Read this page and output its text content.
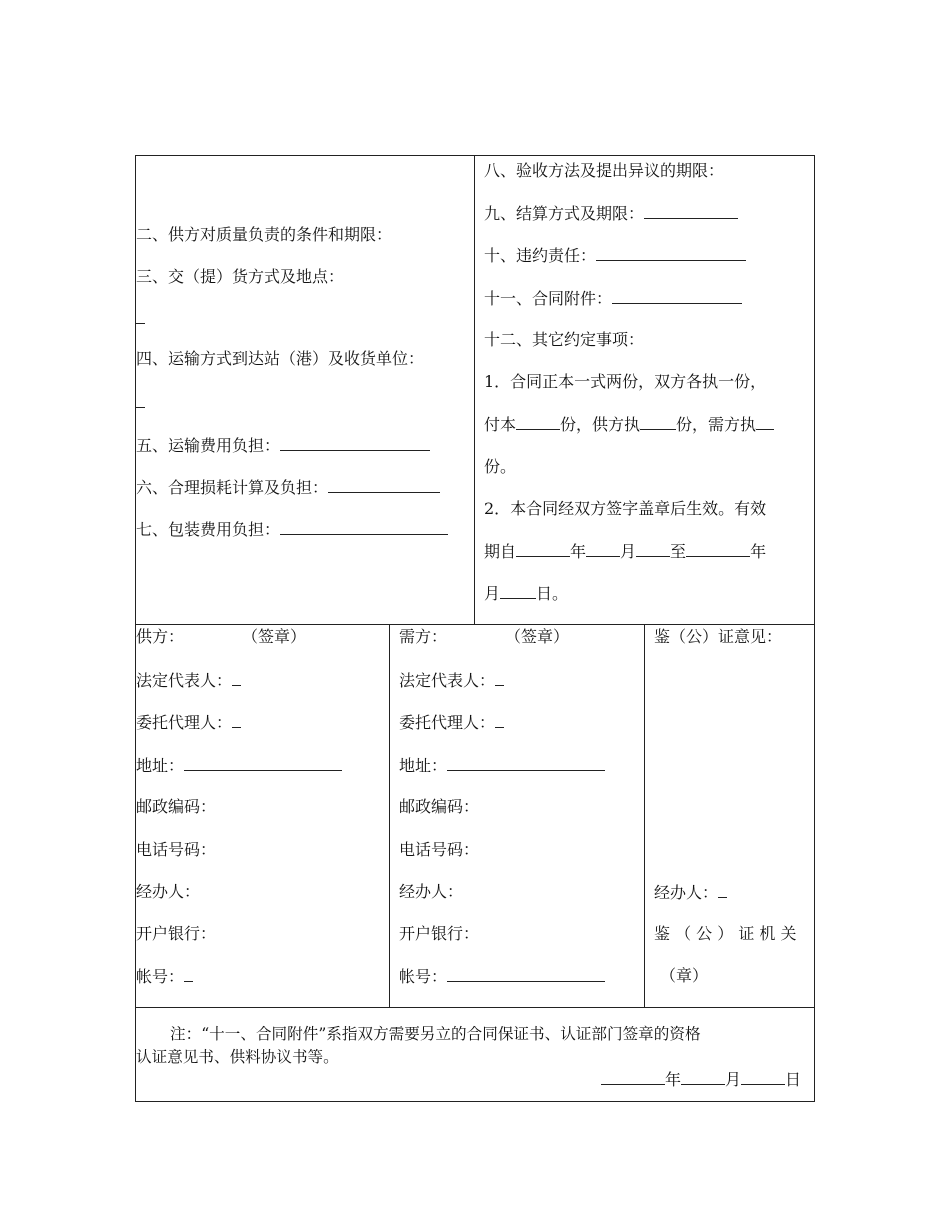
二、供方对质量负责的条件和期限：
三、交（提）货方式及地点：
四、运输方式到达站（港）及收货单位：
五、运输费用负担：
六、合理损耗计算及负担：
七、包装费用负担：
八、验收方法及提出异议的期限：
九、结算方式及期限：
十、违约责任：
十一、合同附件：
十二、其它约定事项：
1．合同正本一式两份，双方各执一份，
付本	份，供方执 份，需方执
份。
2．本合同经双方签字盖章后生效。有效
期自	年 月 至	年
月 日。
供方：	（签章）
法定代表人：
委托代理人：
地址：
邮政编码：
电话号码：
经办人：
开户银行：
帐号：
需方：	（签章）
法定代表人：
委托代理人：
地址：
邮政编码：
电话号码：
经办人：
开户银行：
帐号：
鉴（公）证意见：
经办人：
鉴 （ 公 ） 证 机 关
（章）
注：“十一、合同附件”系指双方需要另立的合同保证书、认证部门签章的资格
认证意见书、供料协议书等。
年	月	日
